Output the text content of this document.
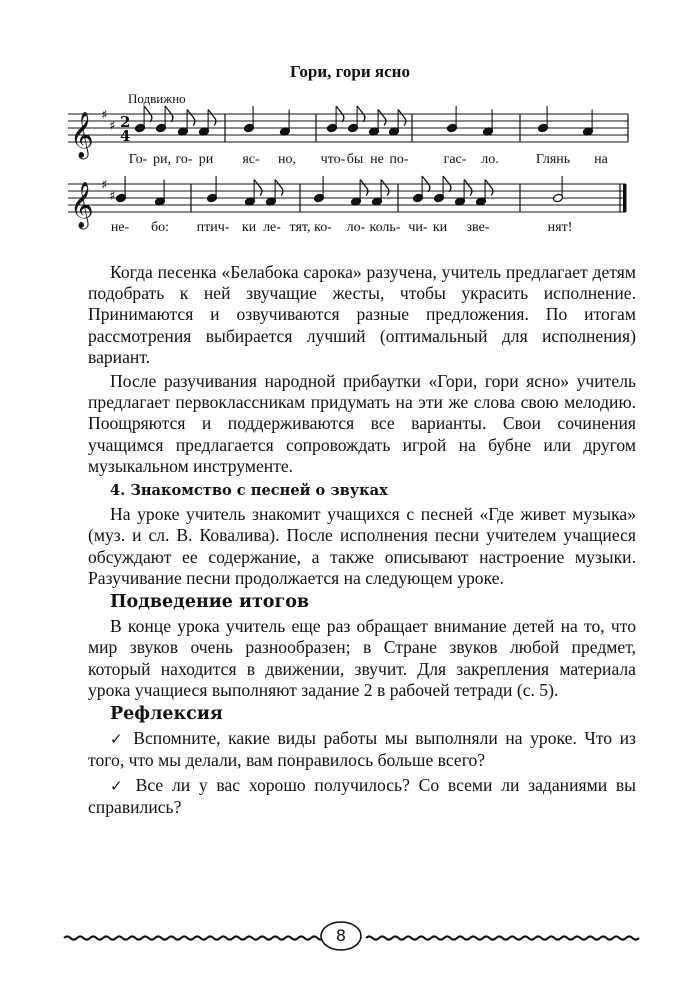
Гори, гори ясно
Подвижно
𝄞 ♯
♯ 2
4
𝄞 ♯
♯
Го- ри, го- ри яс- но, что- бы не по-	гас- ло.	Глянь на
не- бо: птич- ки ле- тят, ко- ло- коль- чи- ки зве-	нят!

Когда песенка «Белабока сарока» разучена, учитель предлагает детям подобрать к ней звучащие жесты, чтобы украсить исполнение. Принимаются и озвучиваются разные предложения. По итогам рассмотрения выбирается лучший (оптимальный для исполнения) вариант.

После разучивания народной прибаутки «Гори, гори ясно» учитель предлагает первоклассникам придумать на эти же слова свою мелодию. Поощряются и поддерживаются все варианты. Свои сочинения учащимся предлагается сопровождать игрой на бубне или другом музыкальном инструменте.

4. Знакомство с песней о звуках

На уроке учитель знакомит учащихся с песней «Где живет музыка» (муз. и сл. В. Ковалива). После исполнения песни учителем учащиеся обсуждают ее содержание, а также описывают настроение музыки. Разучивание песни продолжается на следующем уроке.

Подведение итогов

В конце урока учитель еще раз обращает внимание детей на то, что мир звуков очень разнообразен; в Стране звуков любой предмет, который находится в движении, звучит. Для закрепления материала урока учащиеся выполняют задание 2 в рабочей тетради (с. 5).

Рефлексия

✓ Вспомните, какие виды работы мы выполняли на уроке. Что из того, что мы делали, вам понравилось больше всего?

✓ Все ли у вас хорошо получилось? Со всеми ли заданиями вы справились?

8
